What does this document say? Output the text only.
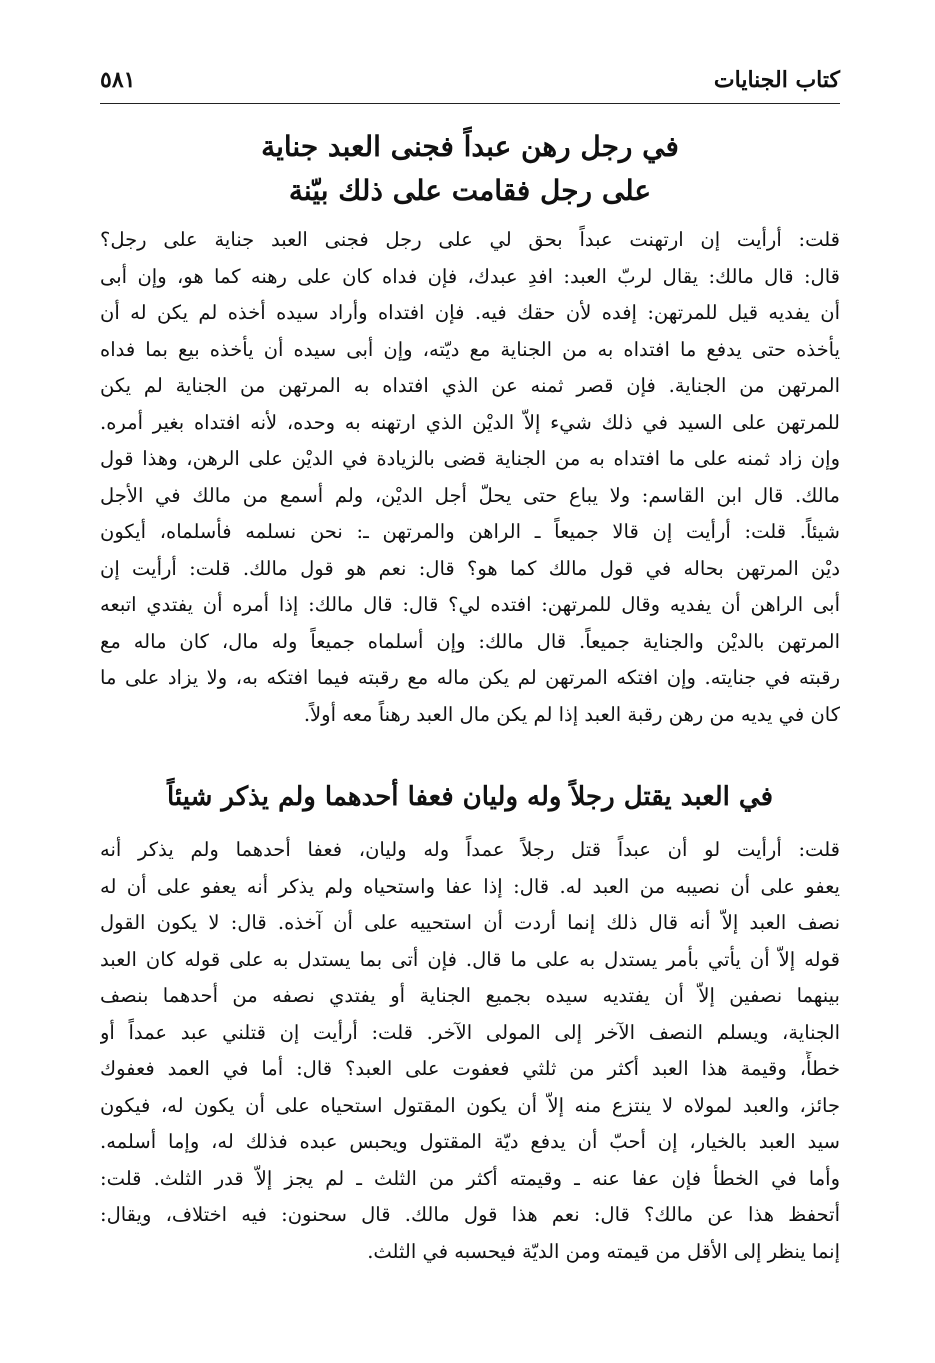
كتاب الجنايات
٥٨١
في رجل رهن عبداً فجنى العبد جناية
على رجل فقامت على ذلك بيّنة
قلت: أرأيت إن ارتهنت عبداً بحق لي على رجل فجنى العبد جناية على رجل؟
قال: قال مالك: يقال لربّ العبد: افدِ عبدك، فإن فداه كان على رهنه كما هو، وإن أبى
أن يفديه قيل للمرتهن: إفده لأن حقك فيه. فإن افتداه وأراد سيده أخذه لم يكن له أن
يأخذه حتى يدفع ما افتداه به من الجناية مع ديّته، وإن أبى سيده أن يأخذه بيع بما فداه
المرتهن من الجناية. فإن قصر ثمنه عن الذي افتداه به المرتهن من الجناية لم يكن
للمرتهن على السيد في ذلك شيء إلاّ الديْن الذي ارتهنه به وحده، لأنه افتداه بغير أمره.
وإن زاد ثمنه على ما افتداه به من الجناية قضى بالزيادة في الديْن على الرهن، وهذا قول
مالك. قال ابن القاسم: ولا يباع حتى يحلّ أجل الديْن، ولم أسمع من مالك في الأجل
شيئاً. قلت: أرأيت إن قالا جميعاً ـ الراهن والمرتهن ـ: نحن نسلمه فأسلماه، أيكون
ديْن المرتهن بحاله في قول مالك كما هو؟ قال: نعم هو قول مالك. قلت: أرأيت إن
أبى الراهن أن يفديه وقال للمرتهن: افتده لي؟ قال: قال مالك: إذا أمره أن يفتدي اتبعه
المرتهن بالديْن والجناية جميعاً. قال مالك: وإن أسلماه جميعاً وله مال، كان ماله مع
رقبته في جنايته. وإن افتكه المرتهن لم يكن ماله مع رقبته فيما افتكه به، ولا يزاد على ما
كان في يديه من رهن رقبة العبد إذا لم يكن مال العبد رهناً معه أولاً.
في العبد يقتل رجلاً وله وليان فعفا أحدهما ولم يذكر شيئاً
قلت: أرأيت لو أن عبداً قتل رجلاً عمداً وله وليان، فعفا أحدهما ولم يذكر أنه
يعفو على أن نصيبه من العبد له. قال: إذا عفا واستحياه ولم يذكر أنه يعفو على أن له
نصف العبد إلاّ أنه قال ذلك إنما أردت أن استحييه على أن آخذه. قال: لا يكون القول
قوله إلاّ أن يأتي بأمر يستدل به على ما قال. فإن أتى بما يستدل به على قوله كان العبد
بينهما نصفين إلاّ أن يفتديه سيده بجميع الجناية أو يفتدي نصفه من أحدهما بنصف
الجناية، ويسلم النصف الآخر إلى المولى الآخر. قلت: أرأيت إن قتلني عبد عمداً أو
خطأً، وقيمة هذا العبد أكثر من ثلثي فعفوت على العبد؟ قال: أما في العمد فعفوك
جائز، والعبد لمولاه لا ينتزع منه إلاّ أن يكون المقتول استحياه على أن يكون له، فيكون
سيد العبد بالخيار، إن أحبّ أن يدفع ديّة المقتول ويحبس عبده فذلك له، وإما أسلمه.
وأما في الخطأ فإن عفا عنه ـ وقيمته أكثر من الثلث ـ لم يجز إلاّ قدر الثلث. قلت:
أتحفظ هذا عن مالك؟ قال: نعم هذا قول مالك. قال سحنون: فيه اختلاف، ويقال:
إنما ينظر إلى الأقل من قيمته ومن الديّة فيحسبه في الثلث.
